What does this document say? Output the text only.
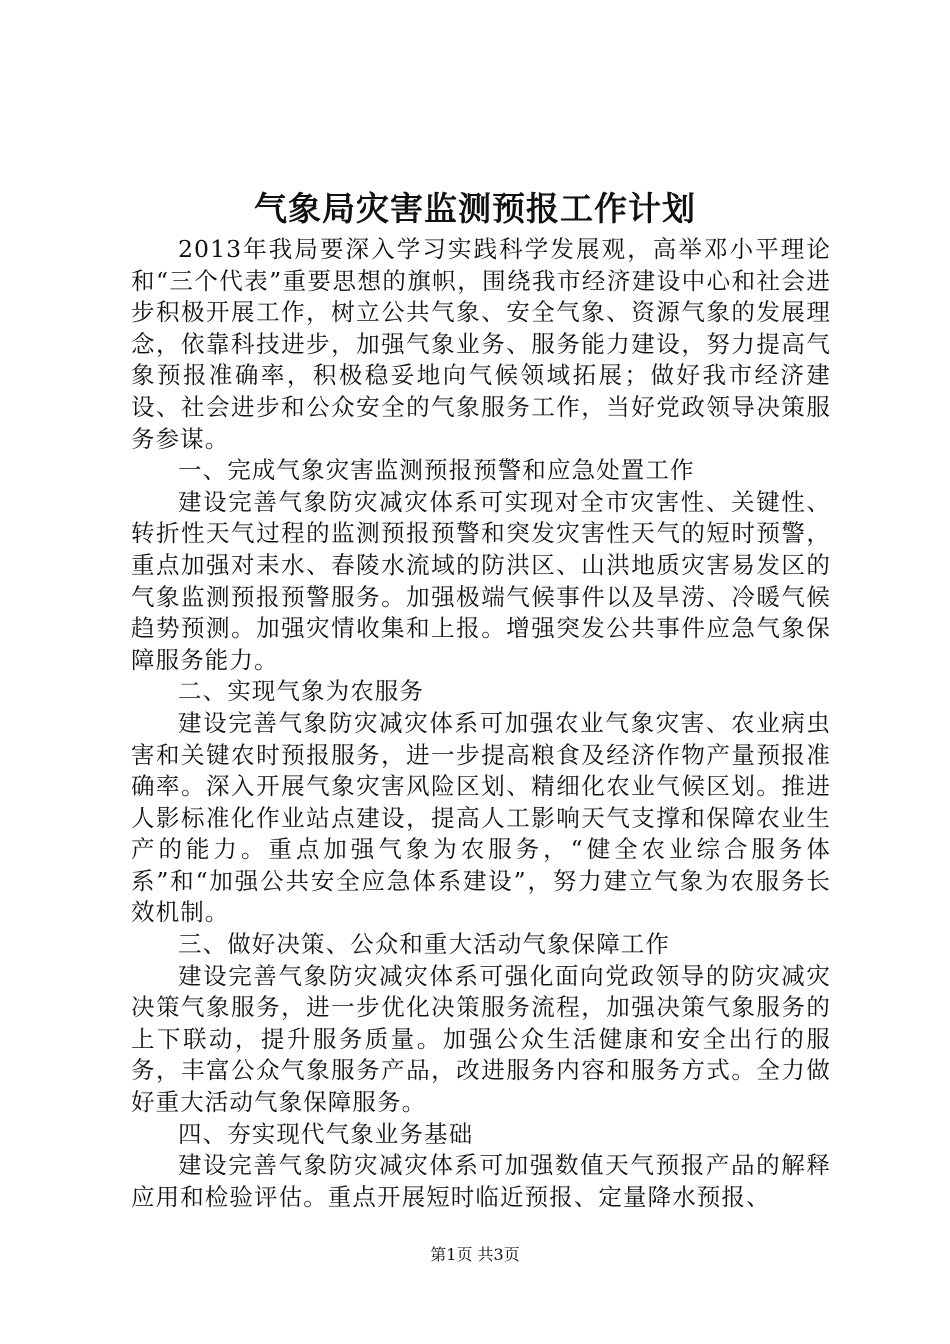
气象局灾害监测预报工作计划

2013年我局要深入学习实践科学发展观，高举邓小平理论和“三个代表”重要思想的旗帜，围绕我市经济建设中心和社会进步积极开展工作，树立公共气象、安全气象、资源气象的发展理念，依靠科技进步，加强气象业务、服务能力建设，努力提高气象预报准确率，积极稳妥地向气候领域拓展；做好我市经济建设、社会进步和公众安全的气象服务工作，当好党政领导决策服务参谋。

一、完成气象灾害监测预报预警和应急处置工作

建设完善气象防灾减灾体系可实现对全市灾害性、关键性、转折性天气过程的监测预报预警和突发灾害性天气的短时预警，重点加强对耒水、春陵水流域的防洪区、山洪地质灾害易发区的气象监测预报预警服务。加强极端气候事件以及旱涝、冷暖气候趋势预测。加强灾情收集和上报。增强突发公共事件应急气象保障服务能力。

二、实现气象为农服务

建设完善气象防灾减灾体系可加强农业气象灾害、农业病虫害和关键农时预报服务，进一步提高粮食及经济作物产量预报准确率。深入开展气象灾害风险区划、精细化农业气候区划。推进人影标准化作业站点建设，提高人工影响天气支撑和保障农业生产的能力。重点加强气象为农服务，“健全农业综合服务体系”和“加强公共安全应急体系建设”，努力建立气象为农服务长效机制。

三、做好决策、公众和重大活动气象保障工作

建设完善气象防灾减灾体系可强化面向党政领导的防灾减灾决策气象服务，进一步优化决策服务流程，加强决策气象服务的上下联动，提升服务质量。加强公众生活健康和安全出行的服务，丰富公众气象服务产品，改进服务内容和服务方式。全力做好重大活动气象保障服务。

四、夯实现代气象业务基础

建设完善气象防灾减灾体系可加强数值天气预报产品的解释应用和检验评估。重点开展短时临近预报、定量降水预报、

第1页 共3页
